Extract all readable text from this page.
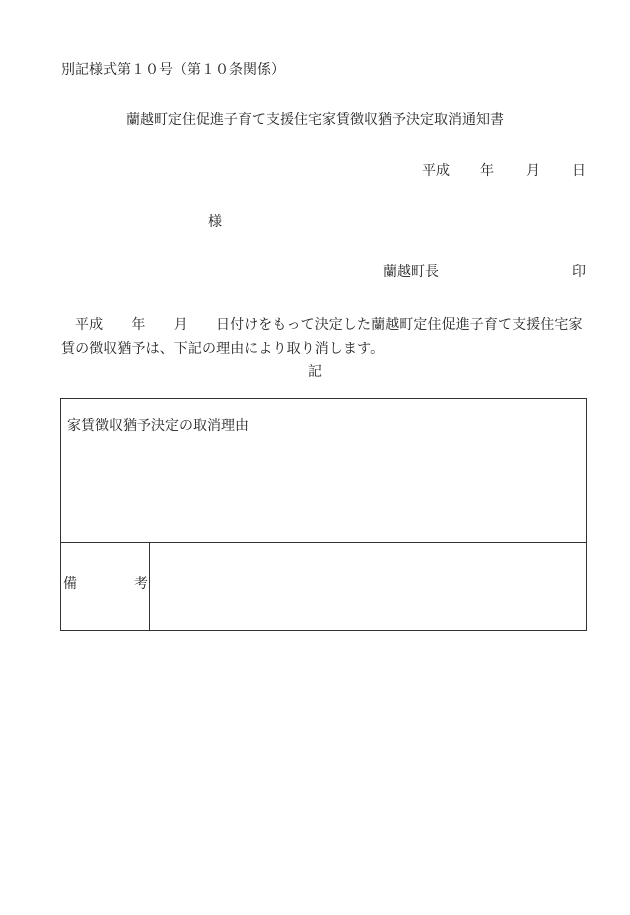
別記様式第１０号（第１０条関係）
蘭越町定住促進子育て支援住宅家賃徴収猶予決定取消通知書
平成 年 月 日
様
蘭越町長	印
平成　　年　　月　　日付けをもって決定した蘭越町定住促進子育て支援住宅家賃の徴収猶予は、下記の理由により取り消します。
記
家賃徴収猶予決定の取消理由
備	考
